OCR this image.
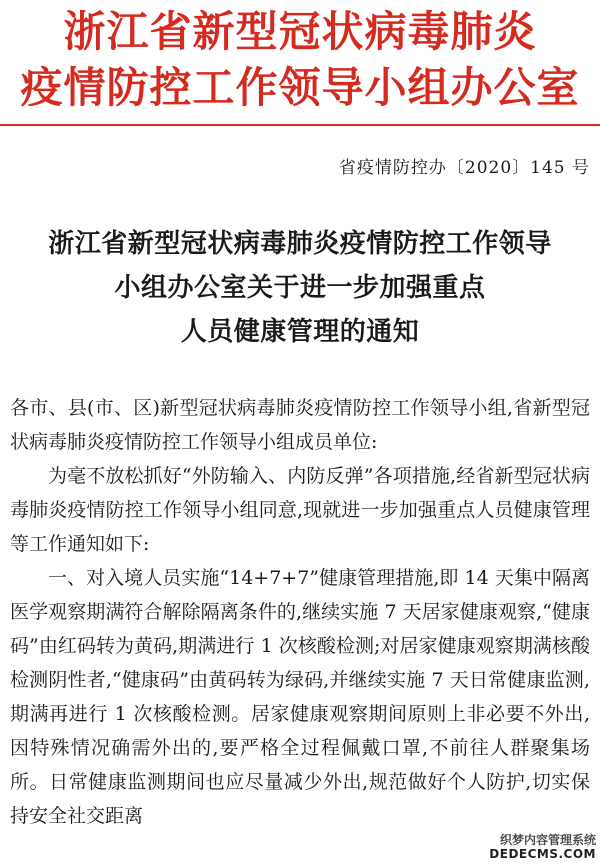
浙江省新型冠状病毒肺炎
疫情防控工作领导小组办公室
省疫情防控办〔2020〕145 号
浙江省新型冠状病毒肺炎疫情防控工作领导
小组办公室关于进一步加强重点
人员健康管理的通知

各市、县(市、区)新型冠状病毒肺炎疫情防控工作领导小组,省新型冠状病毒肺炎疫情防控工作领导小组成员单位:

为毫不放松抓好“外防输入、内防反弹”各项措施,经省新型冠状病毒肺炎疫情防控工作领导小组同意,现就进一步加强重点人员健康管理等工作通知如下:

一、对入境人员实施“14+7+7”健康管理措施,即 14 天集中隔离医学观察期满符合解除隔离条件的,继续实施 7 天居家健康观察,“健康码”由红码转为黄码,期满进行 1 次核酸检测;对居家健康观察期满核酸检测阴性者,“健康码”由黄码转为绿码,并继续实施 7 天日常健康监测,期满再进行 1 次核酸检测。居家健康观察期间原则上非必要不外出,因特殊情况确需外出的,要严格全过程佩戴口罩,不前往人群聚集场所。日常健康监测期间也应尽量减少外出,规范做好个人防护,切实保持安全社交距离

织梦内容管理系统
DEDECMS.COM
